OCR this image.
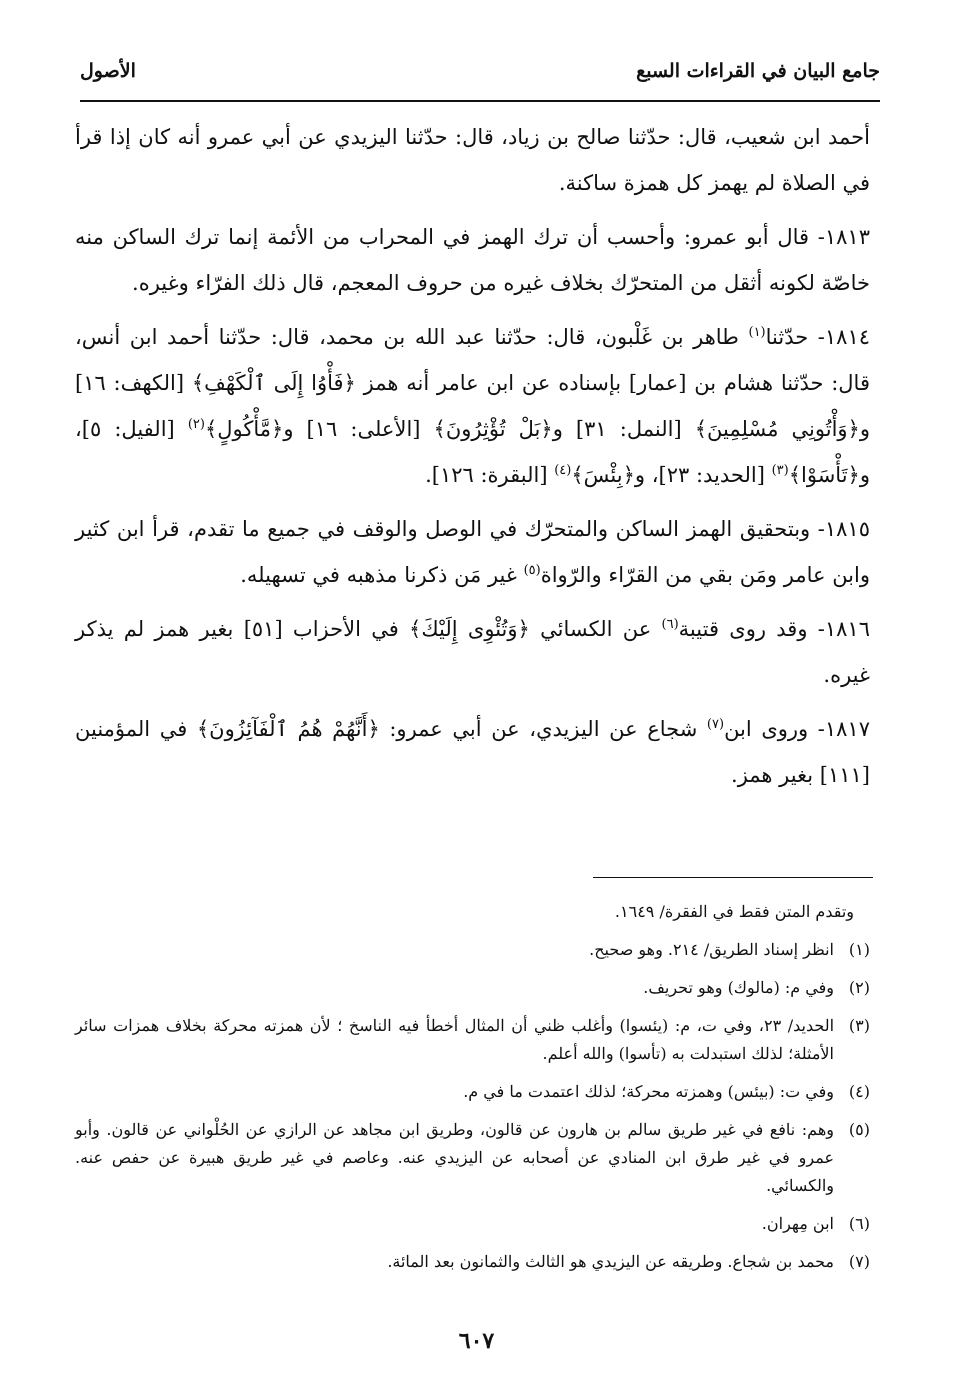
جامع البيان في القراءات السبع
الأصول

أحمد ابن شعيب، قال: حدّثنا صالح بن زياد، قال: حدّثنا اليزيدي عن أبي عمرو أنه كان إذا قرأ في الصلاة لم يهمز كل همزة ساكنة.

١٨١٣- قال أبو عمرو: وأحسب أن ترك الهمز في المحراب من الأئمة إنما ترك الساكن منه خاصّة لكونه أثقل من المتحرّك بخلاف غيره من حروف المعجم، قال ذلك الفرّاء وغيره.

١٨١٤- حدّثنا$^{(١)}$ طاهر بن غَلْبون، قال: حدّثنا عبد الله بن محمد، قال: حدّثنا أحمد ابن أنس، قال: حدّثنا هشام بن [عمار] بإسناده عن ابن عامر أنه همز ﴿فَأْوُا إِلَى ٱلْكَهْفِ﴾ [الكهف: ١٦] و﴿وَأْتُونِي مُسْلِمِينَ﴾ [النمل: ٣١] و﴿بَلْ تُؤْثِرُونَ﴾ [الأعلى: ١٦] و﴿مَّأْكُولٍ﴾$^{(٢)}$ [الفيل: ٥]، و﴿تَأْسَوْا﴾$^{(٣)}$ [الحديد: ٢٣]، و﴿بِئْسَ﴾$^{(٤)}$ [البقرة: ١٢٦].

١٨١٥- وبتحقيق الهمز الساكن والمتحرّك في الوصل والوقف في جميع ما تقدم، قرأ ابن كثير وابن عامر ومَن بقي من القرّاء والرّواة$^{(٥)}$ غير مَن ذكرنا مذهبه في تسهيله.

١٨١٦- وقد روى قتيبة$^{(٦)}$ عن الكسائي ﴿وَتُئْوِى إِلَيْكَ﴾ في الأحزاب [٥١] بغير همز لم يذكر غيره.

١٨١٧- وروى ابن$^{(٧)}$ شجاع عن اليزيدي، عن أبي عمرو: ﴿أَنَّهُمْ هُمُ ٱلْفَآئِزُونَ﴾ في المؤمنين [١١١] بغير همز.

وتقدم المتن فقط في الفقرة/ ١٦٤٩.

(١)
انظر إسناد الطريق/ ٢١٤. وهو صحيح.

(٢)
وفي م: (مالوك) وهو تحريف.

(٣)
الحديد/ ٢٣، وفي ت، م: (يئسوا) وأغلب ظني أن المثال أخطأ فيه الناسخ ؛ لأن همزته محركة بخلاف همزات سائر الأمثلة؛ لذلك استبدلت به (تأسوا) والله أعلم.

(٤)
وفي ت: (بيئس) وهمزته محركة؛ لذلك اعتمدت ما في م.

(٥)
وهم: نافع في غير طريق سالم بن هارون عن قالون، وطريق ابن مجاهد عن الرازي عن الحُلْواني عن قالون. وأبو عمرو في غير طرق ابن المنادي عن أصحابه عن اليزيدي عنه. وعاصم في غير طريق هبيرة عن حفص عنه. والكسائي.

(٦)
ابن مِهران.

(٧)
محمد بن شجاع. وطريقه عن اليزيدي هو الثالث والثمانون بعد المائة.

٦٠٧
